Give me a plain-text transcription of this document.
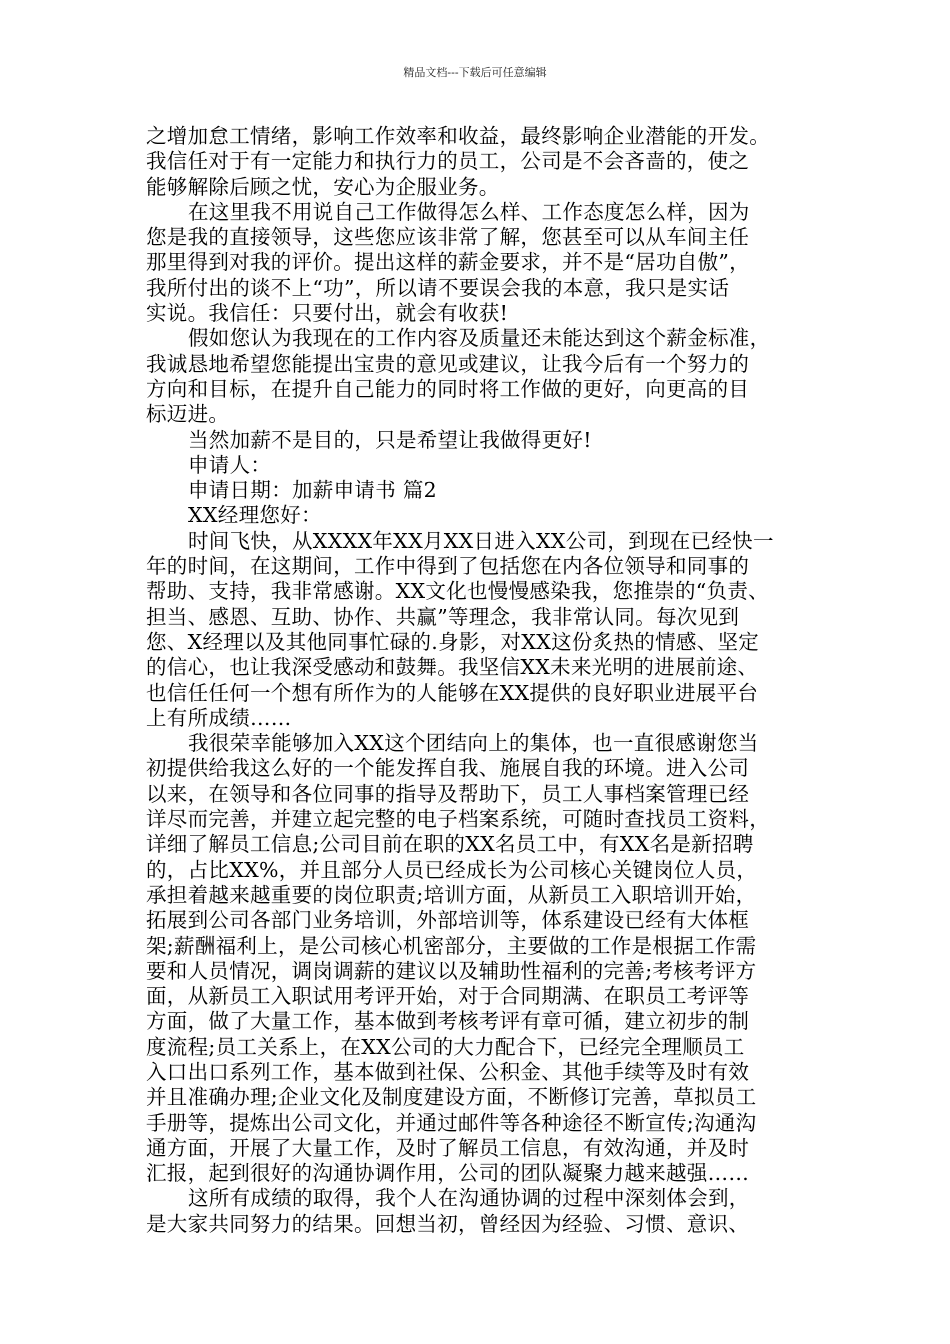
精品文档---下载后可任意编辑
之增加怠工情绪，影响工作效率和收益，最终影响企业潜能的开发。
我信任对于有一定能力和执行力的员工，公司是不会吝啬的，使之
能够解除后顾之忧，安心为企服业务。
在这里我不用说自己工作做得怎么样、工作态度怎么样，因为
您是我的直接领导，这些您应该非常了解，您甚至可以从车间主任
那里得到对我的评价。提出这样的薪金要求，并不是“居功自傲”，
我所付出的谈不上“功”，所以请不要误会我的本意，我只是实话
实说。我信任：只要付出，就会有收获!
假如您认为我现在的工作内容及质量还未能达到这个薪金标准，
我诚恳地希望您能提出宝贵的意见或建议，让我今后有一个努力的
方向和目标，在提升自己能力的同时将工作做的更好，向更高的目
标迈进。
当然加薪不是目的，只是希望让我做得更好!
申请人：
申请日期：加薪申请书 篇2
XX经理您好：
时间飞快，从XXXX年XX月XX日进入XX公司，到现在已经快一
年的时间，在这期间，工作中得到了包括您在内各位领导和同事的
帮助、支持，我非常感谢。XX文化也慢慢感染我，您推崇的“负责、
担当、感恩、互助、协作、共赢”等理念，我非常认同。每次见到
您、X经理以及其他同事忙碌的.身影，对XX这份炙热的情感、坚定
的信心，也让我深受感动和鼓舞。我坚信XX未来光明的进展前途、
也信任任何一个想有所作为的人能够在XX提供的良好职业进展平台
上有所成绩……
我很荣幸能够加入XX这个团结向上的集体，也一直很感谢您当
初提供给我这么好的一个能发挥自我、施展自我的环境。进入公司
以来，在领导和各位同事的指导及帮助下，员工人事档案管理已经
详尽而完善，并建立起完整的电子档案系统，可随时查找员工资料，
详细了解员工信息;公司目前在职的XX名员工中，有XX名是新招聘
的，占比XX%，并且部分人员已经成长为公司核心关键岗位人员，
承担着越来越重要的岗位职责;培训方面，从新员工入职培训开始，
拓展到公司各部门业务培训，外部培训等，体系建设已经有大体框
架;薪酬福利上，是公司核心机密部分，主要做的工作是根据工作需
要和人员情况，调岗调薪的建议以及辅助性福利的完善;考核考评方
面，从新员工入职试用考评开始，对于合同期满、在职员工考评等
方面，做了大量工作，基本做到考核考评有章可循，建立初步的制
度流程;员工关系上，在XX公司的大力配合下，已经完全理顺员工
入口出口系列工作，基本做到社保、公积金、其他手续等及时有效
并且准确办理;企业文化及制度建设方面，不断修订完善，草拟员工
手册等，提炼出公司文化，并通过邮件等各种途径不断宣传;沟通沟
通方面，开展了大量工作，及时了解员工信息，有效沟通，并及时
汇报，起到很好的沟通协调作用，公司的团队凝聚力越来越强……
这所有成绩的取得，我个人在沟通协调的过程中深刻体会到，
是大家共同努力的结果。回想当初，曾经因为经验、习惯、意识、
